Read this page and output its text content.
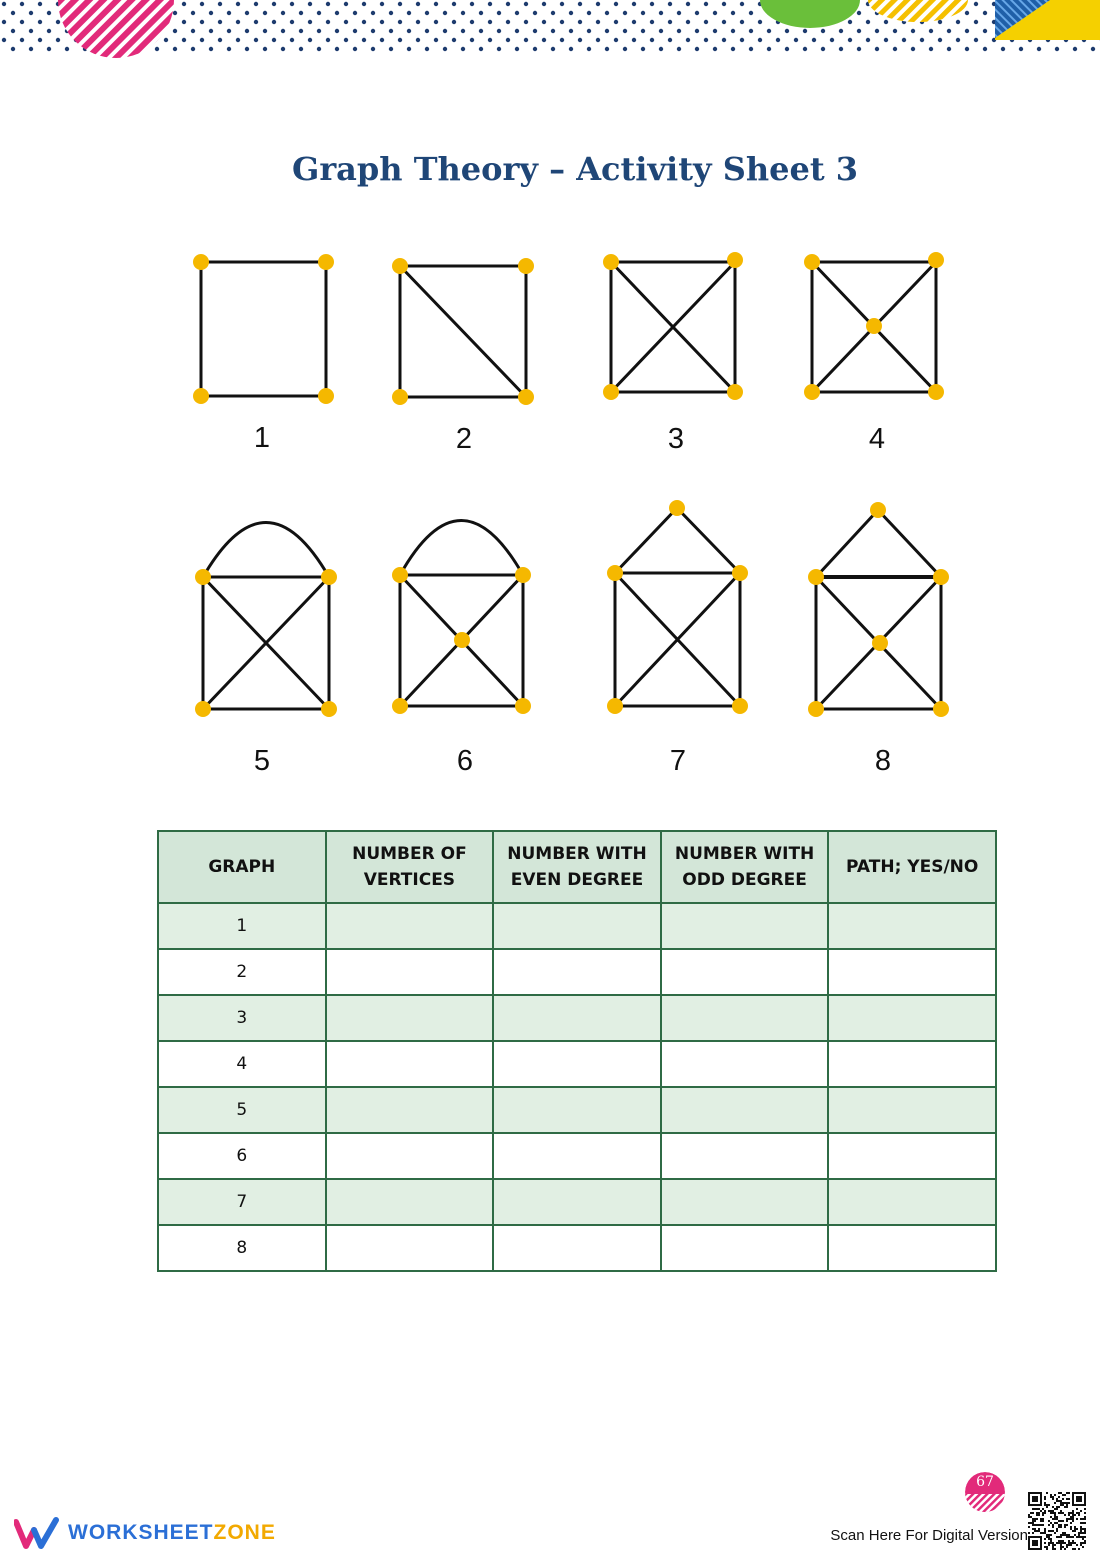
Graph Theory – Activity Sheet 3
1	2	3	4
5	6	7	8
GRAPH	NUMBER OF VERTICES	NUMBER WITH EVEN DEGREE	NUMBER WITH ODD DEGREE	PATH; YES/NO
1				
2				
3				
4				
5				
6				
7				
8				
WORKSHEETZONE
67
Scan Here For Digital Version
